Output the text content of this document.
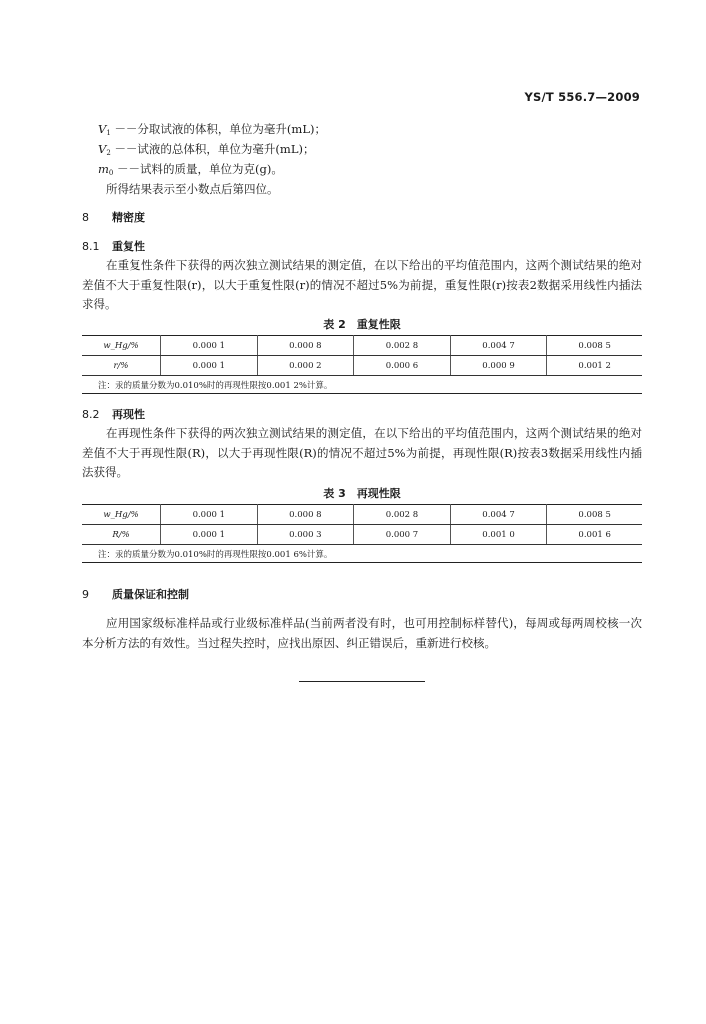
YS/T 556.7—2009
V1 －－分取试液的体积，单位为毫升(mL)；
V2 －－试液的总体积，单位为毫升(mL)；
m0 －－试料的质量，单位为克(g)。
所得结果表示至小数点后第四位。
8 精密度
8.1 重复性
在重复性条件下获得的两次独立测试结果的测定值，在以下给出的平均值范围内，这两个测试结果的绝对差值不大于重复性限(r)，以大于重复性限(r)的情况不超过5%为前提，重复性限(r)按表2数据采用线性内插法求得。
表 2　重复性限
w_Hg/%	0.000 1	0.000 8	0.002 8	0.004 7	0.008 5
r/%	0.000 1	0.000 2	0.000 6	0.000 9	0.001 2
注：汞的质量分数为0.010%时的再现性限按0.001 2%计算。					
8.2 再现性
在再现性条件下获得的两次独立测试结果的测定值，在以下给出的平均值范围内，这两个测试结果的绝对差值不大于再现性限(R)，以大于再现性限(R)的情况不超过5%为前提，再现性限(R)按表3数据采用线性内插法获得。
表 3　再现性限
w_Hg/%	0.000 1	0.000 8	0.002 8	0.004 7	0.008 5
R/%	0.000 1	0.000 3	0.000 7	0.001 0	0.001 6
注：汞的质量分数为0.010%时的再现性限按0.001 6%计算。					
9 质量保证和控制
应用国家级标准样品或行业级标准样品(当前两者没有时，也可用控制标样替代)，每周或每两周校核一次本分析方法的有效性。当过程失控时，应找出原因、纠正错误后，重新进行校核。
